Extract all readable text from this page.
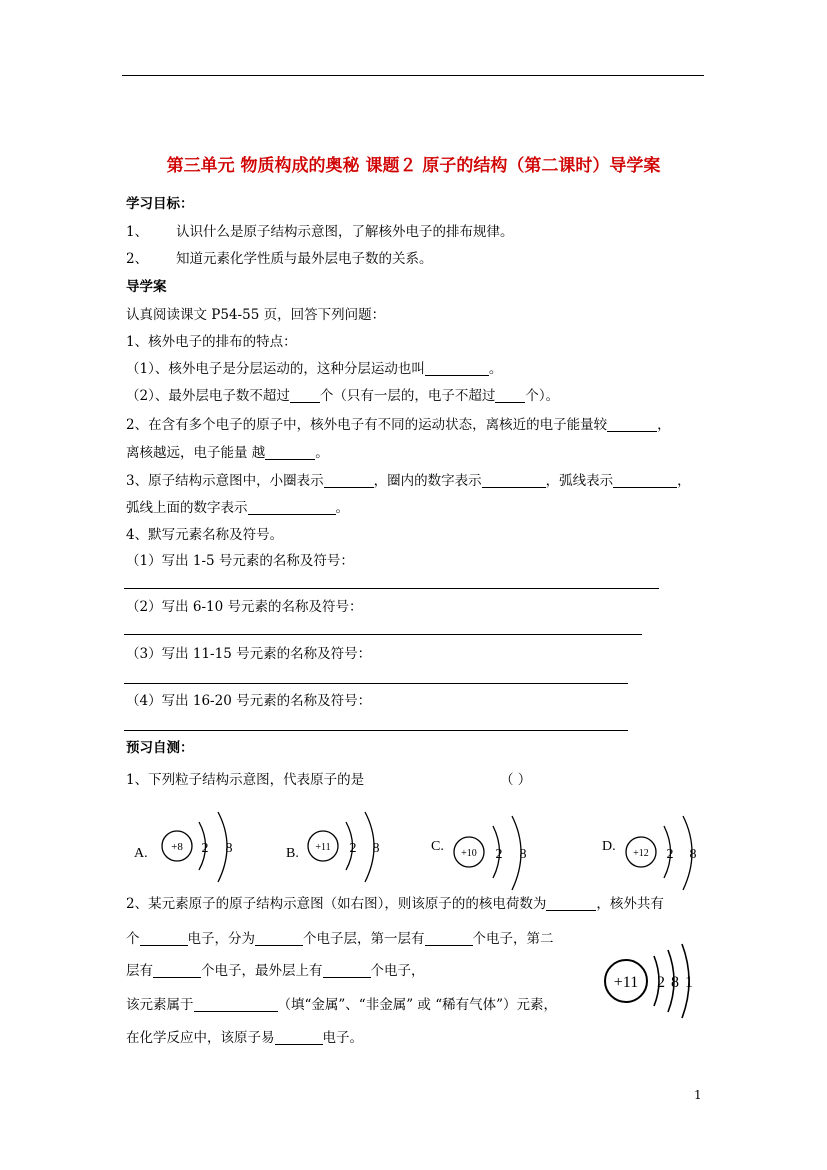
第三单元 物质构成的奥秘 课题２ 原子的结构（第二课时）导学案
学习目标：
1、 认识什么是原子结构示意图，了解核外电子的排布规律。
2、 知道元素化学性质与最外层电子数的关系。
导学案
认真阅读课文 P54-55 页，回答下列问题：
1、核外电子的排布的特点：
（1）、核外电子是分层运动的，这种分层运动也叫	。
（2）、最外层电子数不超过 个（只有一层的，电子不超过 个）。
2、在含有多个电子的原子中，核外电子有不同的运动状态，离核近的电子能量较	，
离核越远，电子能量 越	。
3、原子结构示意图中，小圈表示	，圈内的数字表示	，弧线表示	，
弧线上面的数字表示	。
4、默写元素名称及符号。
（1）写出 1-5 号元素的名称及符号：
（2）写出 6-10 号元素的名称及符号：
（3）写出 11-15 号元素的名称及符号：
（4）写出 16-20 号元素的名称及符号：
预习自测：
1、下列粒子结构示意图，代表原子的是	（ ）
A. +8 2 8	B. +11 2 8	C. +10 2 8
D. +12 2 8
2、某元素原子的原子结构示意图（如右图），则该原子的的核电荷数为	，核外共有
个	电子，分为	个电子层，第一层有	个电子，第二
层有	个电子，最外层上有	个电子，
该元素属于	（填“金属”、“非金属” 或 “稀有气体”）元素，
在化学反应中，该原子易	电子。
+11 2 8 1
1
